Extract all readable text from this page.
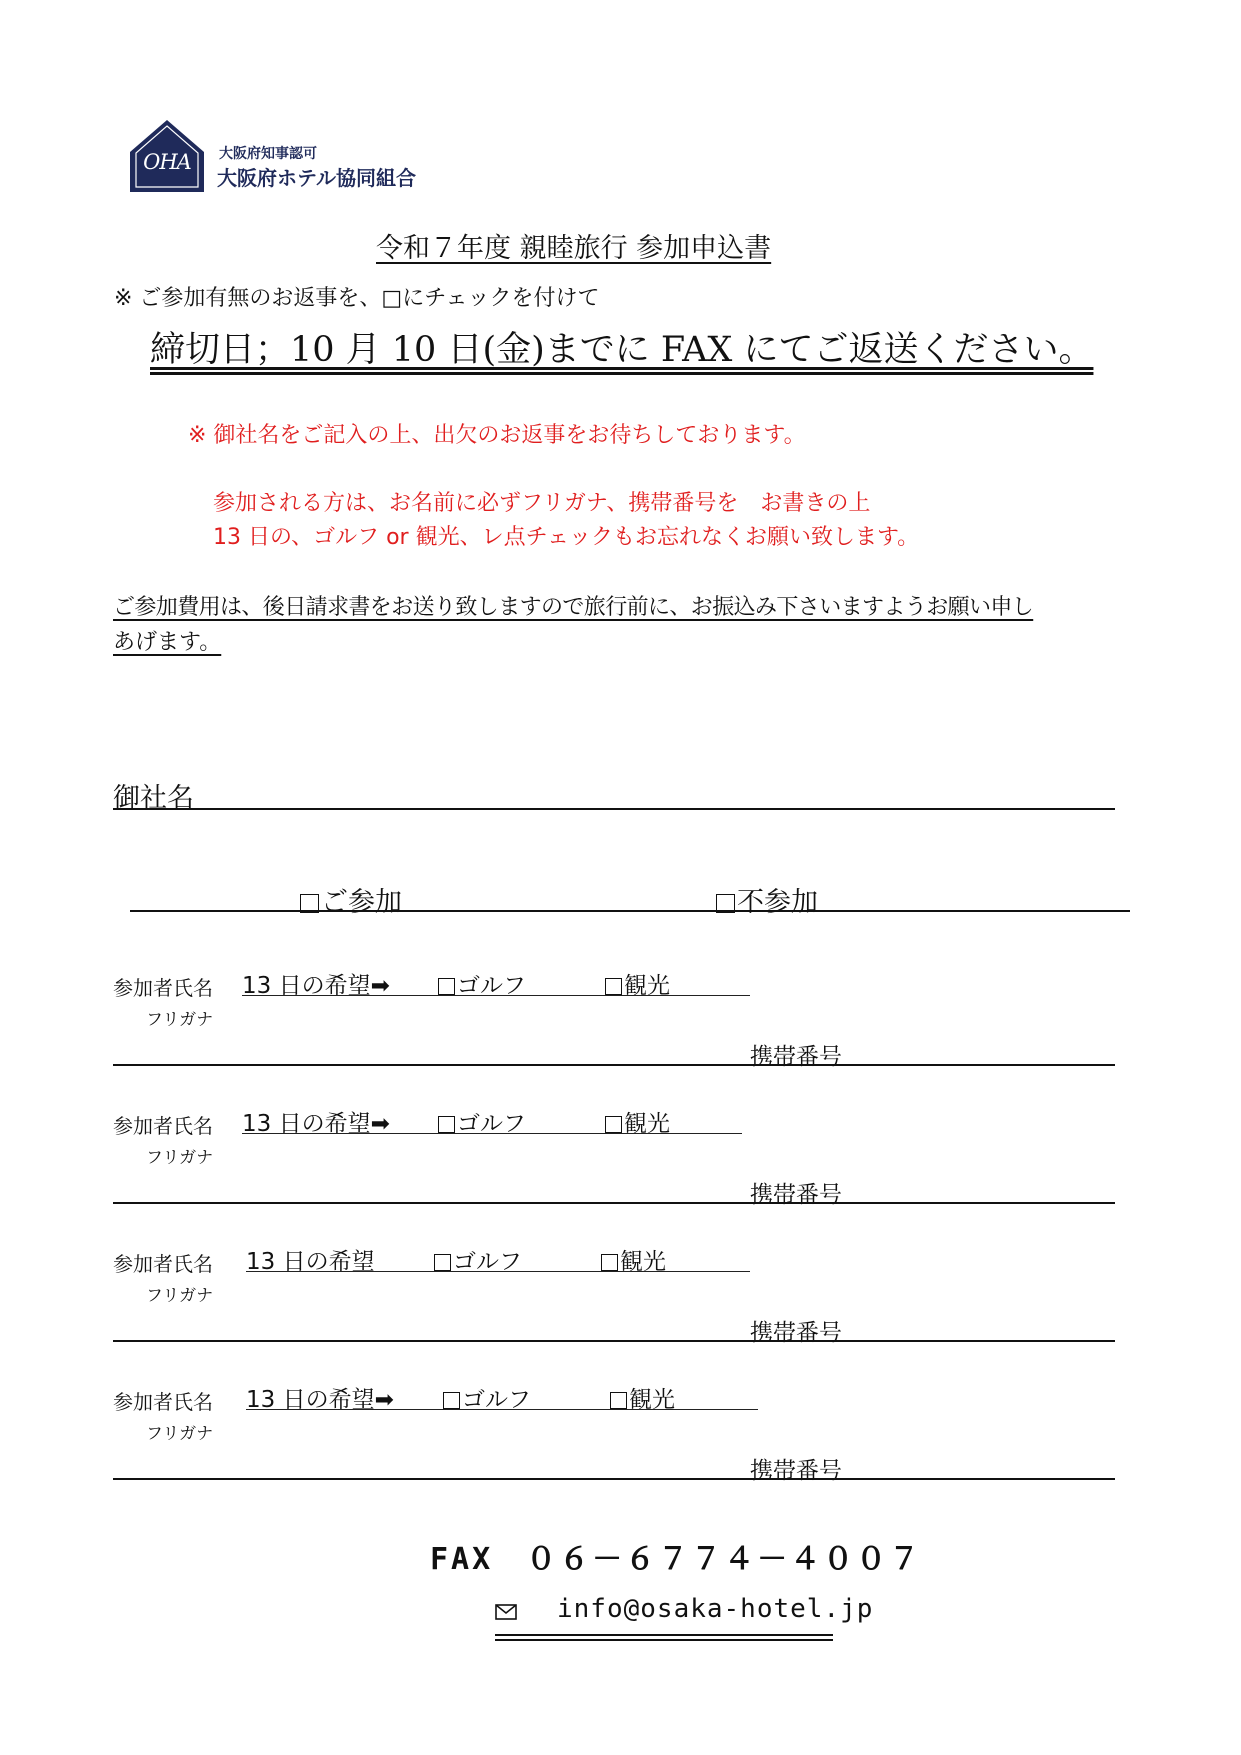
OHA	大阪府知事認可
大阪府ホテル協同組合
令和７年度 親睦旅行 参加申込書
※ ご参加有無のお返事を、□にチェックを付けて
締切日；10 月 10 日(金)までに FAX にてご返送ください。
※ 御社名をご記入の上、出欠のお返事をお待ちしております。
参加される方は、お名前に必ずフリガナ、携帯番号を　お書きの上
13 日の、ゴルフ or 観光、レ点チェックもお忘れなくお願い致します。
ご参加費用は、後日請求書をお送り致しますので旅行前に、お振込み下さいますようお願い申し
あげます。
御社名
ご参加	不参加
参加者氏名
フリガナ
13 日の希望➡	ゴルフ	観光
携帯番号
参加者氏名
フリガナ
13 日の希望➡	ゴルフ	観光
携帯番号
参加者氏名
フリガナ
13 日の希望	ゴルフ	観光
携帯番号
参加者氏名
フリガナ
13 日の希望➡	ゴルフ	観光
携帯番号
FAX　０６－６７７４－４００７
info@osaka-hotel.jp
